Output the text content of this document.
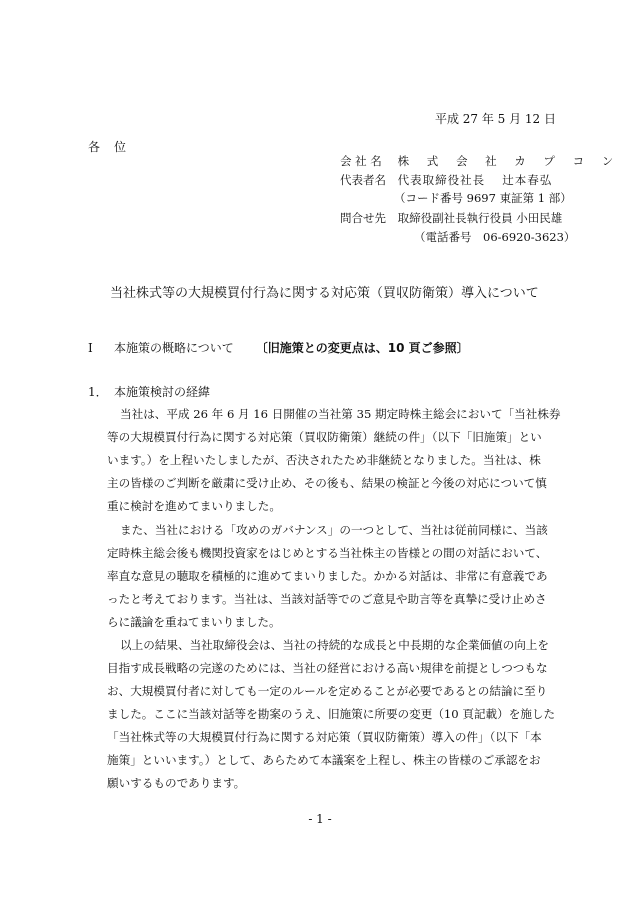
平成 27 年 5 月 12 日
各位
会 社 名 株 式 会 社 カ プ コ ン
代表者名 代表取締役社長　 辻本春弘
（コード番号 9697 東証第 1 部）
問合せ先 取締役副社長執行役員 小田民雄
（電話番号　06-6920-3623）
当社株式等の大規模買付行為に関する対応策（買収防衛策）導入について
Ⅰ 本施策の概略について 〔旧施策との変更点は、10 頁ご参照〕
1． 本施策検討の経緯
当社は、平成 26 年 6 月 16 日開催の当社第 35 期定時株主総会において「当社株券
等の大規模買付行為に関する対応策（買収防衛策）継続の件」（以下「旧施策」とい
います。）を上程いたしましたが、否決されたため非継続となりました。当社は、株
主の皆様のご判断を厳粛に受け止め、その後も、結果の検証と今後の対応について慎
重に検討を進めてまいりました。
また、当社における「攻めのガバナンス」の一つとして、当社は従前同様に、当該
定時株主総会後も機関投資家をはじめとする当社株主の皆様との間の対話において、
率直な意見の聴取を積極的に進めてまいりました。かかる対話は、非常に有意義であ
ったと考えております。当社は、当該対話等でのご意見や助言等を真摯に受け止めさ
らに議論を重ねてまいりました。
以上の結果、当社取締役会は、当社の持続的な成長と中長期的な企業価値の向上を
目指す成長戦略の完遂のためには、当社の経営における高い規律を前提としつつもな
お、大規模買付者に対しても一定のルールを定めることが必要であるとの結論に至り
ました。ここに当該対話等を勘案のうえ、旧施策に所要の変更（10 頁記載）を施した
「当社株式等の大規模買付行為に関する対応策（買収防衛策）導入の件」（以下「本
施策」といいます。）として、あらためて本議案を上程し、株主の皆様のご承認をお
願いするものであります。
- 1 -
